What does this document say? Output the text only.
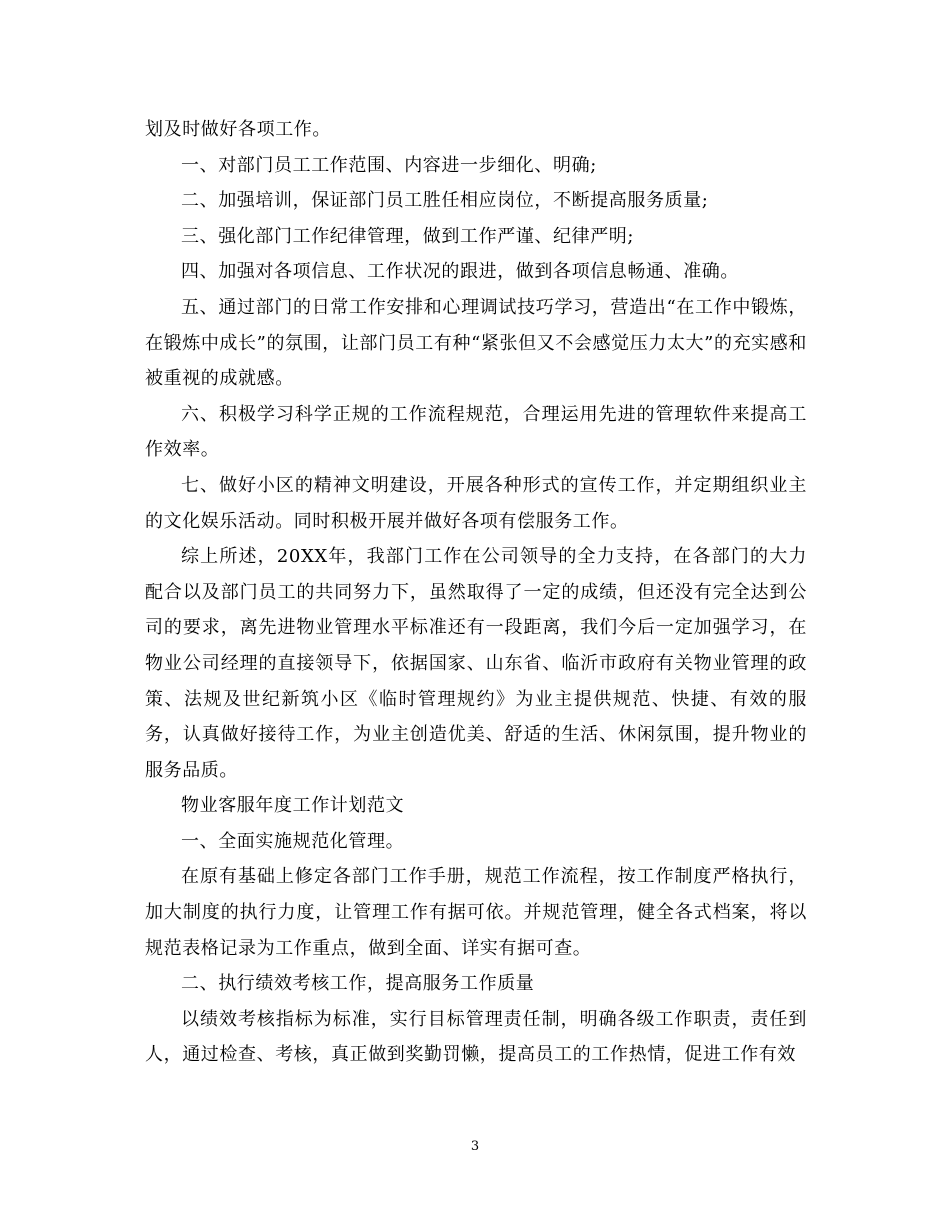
划及时做好各项工作。

一、对部门员工工作范围、内容进一步细化、明确;

二、加强培训，保证部门员工胜任相应岗位，不断提高服务质量;

三、强化部门工作纪律管理，做到工作严谨、纪律严明;

四、加强对各项信息、工作状况的跟进，做到各项信息畅通、准确。

五、通过部门的日常工作安排和心理调试技巧学习，营造出“在工作中锻炼，在锻炼中成长”的氛围，让部门员工有种“紧张但又不会感觉压力太大”的充实感和被重视的成就感。

六、积极学习科学正规的工作流程规范，合理运用先进的管理软件来提高工作效率。

七、做好小区的精神文明建设，开展各种形式的宣传工作，并定期组织业主的文化娱乐活动。同时积极开展并做好各项有偿服务工作。

综上所述，20XX年，我部门工作在公司领导的全力支持，在各部门的大力配合以及部门员工的共同努力下，虽然取得了一定的成绩，但还没有完全达到公司的要求，离先进物业管理水平标准还有一段距离，我们今后一定加强学习，在物业公司经理的直接领导下，依据国家、山东省、临沂市政府有关物业管理的政策、法规及世纪新筑小区《临时管理规约》为业主提供规范、快捷、有效的服务，认真做好接待工作，为业主创造优美、舒适的生活、休闲氛围，提升物业的服务品质。

物业客服年度工作计划范文

一、全面实施规范化管理。

在原有基础上修定各部门工作手册，规范工作流程，按工作制度严格执行，加大制度的执行力度，让管理工作有据可依。并规范管理，健全各式档案，将以规范表格记录为工作重点，做到全面、详实有据可查。

二、执行绩效考核工作，提高服务工作质量

以绩效考核指标为标准，实行目标管理责任制，明确各级工作职责，责任到人，通过检查、考核，真正做到奖勤罚懒，提高员工的工作热情，促进工作有效

3
